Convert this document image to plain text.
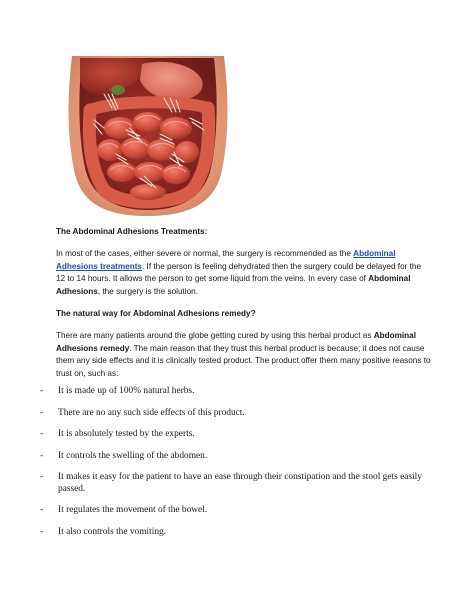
The Abdominal Adhesions Treatments:

In most of the cases, either severe or normal, the surgery is recommended as the Abdominal Adhesions treatments. If the person is feeling dehydrated then the surgery could be delayed for the 12 to 14 hours. It allows the person to get some liquid from the veins. In every case of Abdominal Adhesions, the surgery is the solution.

The natural way for Abdominal Adhesions remedy?

There are many patients around the globe getting cured by using this herbal product as Abdominal Adhesions remedy. The main reason that they trust this herbal product is because; it does not cause them any side effects and it is clinically tested product. The product offer them many positive reasons to trust on, such as:

-	It is made up of 100% natural herbs.
-	There are no any such side effects of this product.
-	It is absolutely tested by the experts.
-	It controls the swelling of the abdomen.
-	It makes it easy for the patient to have an ease through their constipation and the stool gets easily passed.
-	It regulates the movement of the bowel.
-	It also controls the vomiting.
